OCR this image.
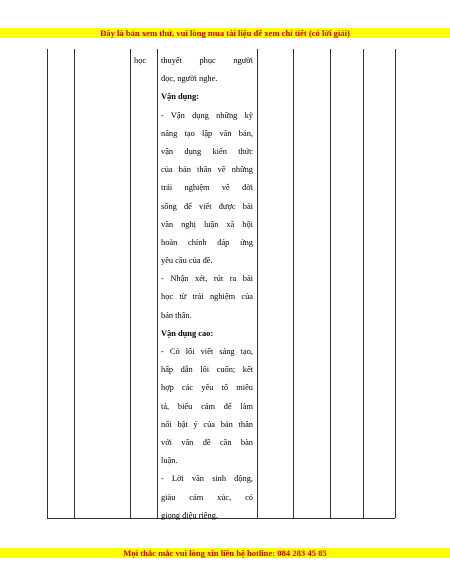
Đây là bản xem thử, vui lòng mua tài liệu để xem chi tiết (có lời giải)
học	thuyết phục người
đọc, người nghe.
Vận dụng:
- Vận dụng những kỹ
năng tạo lập văn bản,
vận dụng kiến thức
của bản thân về những
trải nghiệm về đời
sống để viết được bài
văn nghị luận xã hội
hoàn chỉnh đáp ứng
yêu cầu của đề.
- Nhận xét, rút ra bài
học từ trải nghiệm của
bản thân.
Vận dụng cao:
- Có lối viết sáng tạo,
hấp dẫn lôi cuốn; kết
hợp các yếu tố miêu
tả, biểu cảm để làm
nổi bật ý của bản thân
với vấn đề cần bàn
luận.
- Lời văn sinh động,
giàu cảm xúc, có
giọng điệu riêng.
Mọi thắc mắc vui lòng xin liên hệ hotline: 084 283 45 85
